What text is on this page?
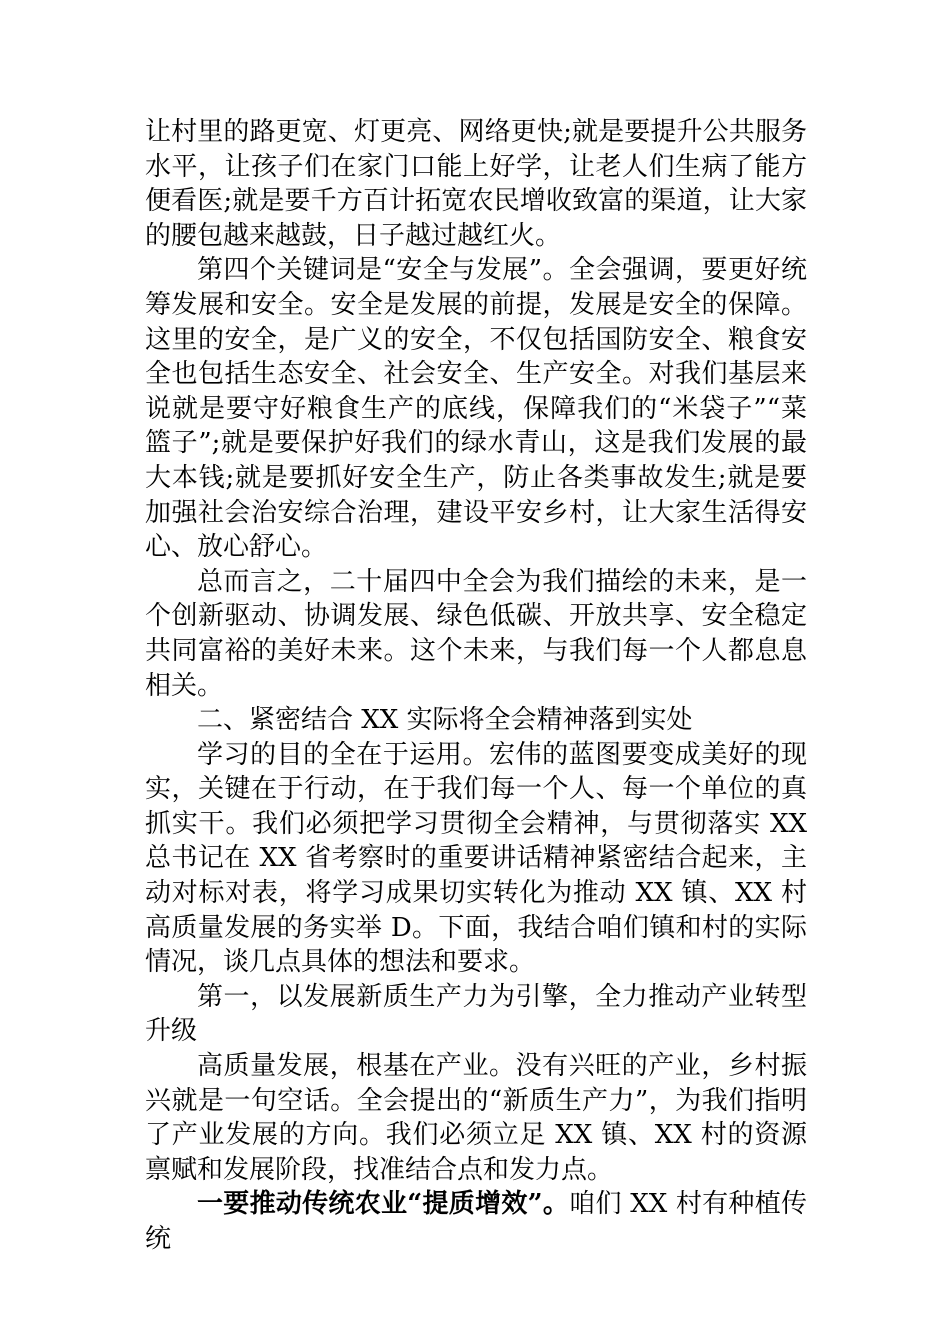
让村里的路更宽、灯更亮、网络更快;就是要提升公共服务水平，让孩子们在家门口能上好学，让老人们生病了能方便看医;就是要千方百计拓宽农民增收致富的渠道，让大家的腰包越来越鼓，日子越过越红火。

第四个关键词是“安全与发展”。全会强调，要更好统筹发展和安全。安全是发展的前提，发展是安全的保障。这里的安全，是广义的安全，不仅包括国防安全、粮食安全也包括生态安全、社会安全、生产安全。对我们基层来说就是要守好粮食生产的底线，保障我们的“米袋子”“菜篮子”;就是要保护好我们的绿水青山，这是我们发展的最大本钱;就是要抓好安全生产，防止各类事故发生;就是要加强社会治安综合治理，建设平安乡村，让大家生活得安心、放心舒心。

总而言之，二十届四中全会为我们描绘的未来，是一个创新驱动、协调发展、绿色低碳、开放共享、安全稳定共同富裕的美好未来。这个未来，与我们每一个人都息息相关。

二、紧密结合 XX 实际将全会精神落到实处

学习的目的全在于运用。宏伟的蓝图要变成美好的现实，关键在于行动，在于我们每一个人、每一个单位的真抓实干。我们必须把学习贯彻全会精神，与贯彻落实 XX 总书记在 XX 省考察时的重要讲话精神紧密结合起来，主动对标对表，将学习成果切实转化为推动 XX 镇、XX 村高质量发展的务实举 D。下面，我结合咱们镇和村的实际情况，谈几点具体的想法和要求。

第一，以发展新质生产力为引擎，全力推动产业转型升级

高质量发展，根基在产业。没有兴旺的产业，乡村振兴就是一句空话。全会提出的“新质生产力”，为我们指明了产业发展的方向。我们必须立足 XX 镇、XX 村的资源禀赋和发展阶段，找准结合点和发力点。

一要推动传统农业“提质增效”。咱们 XX 村有种植传统
